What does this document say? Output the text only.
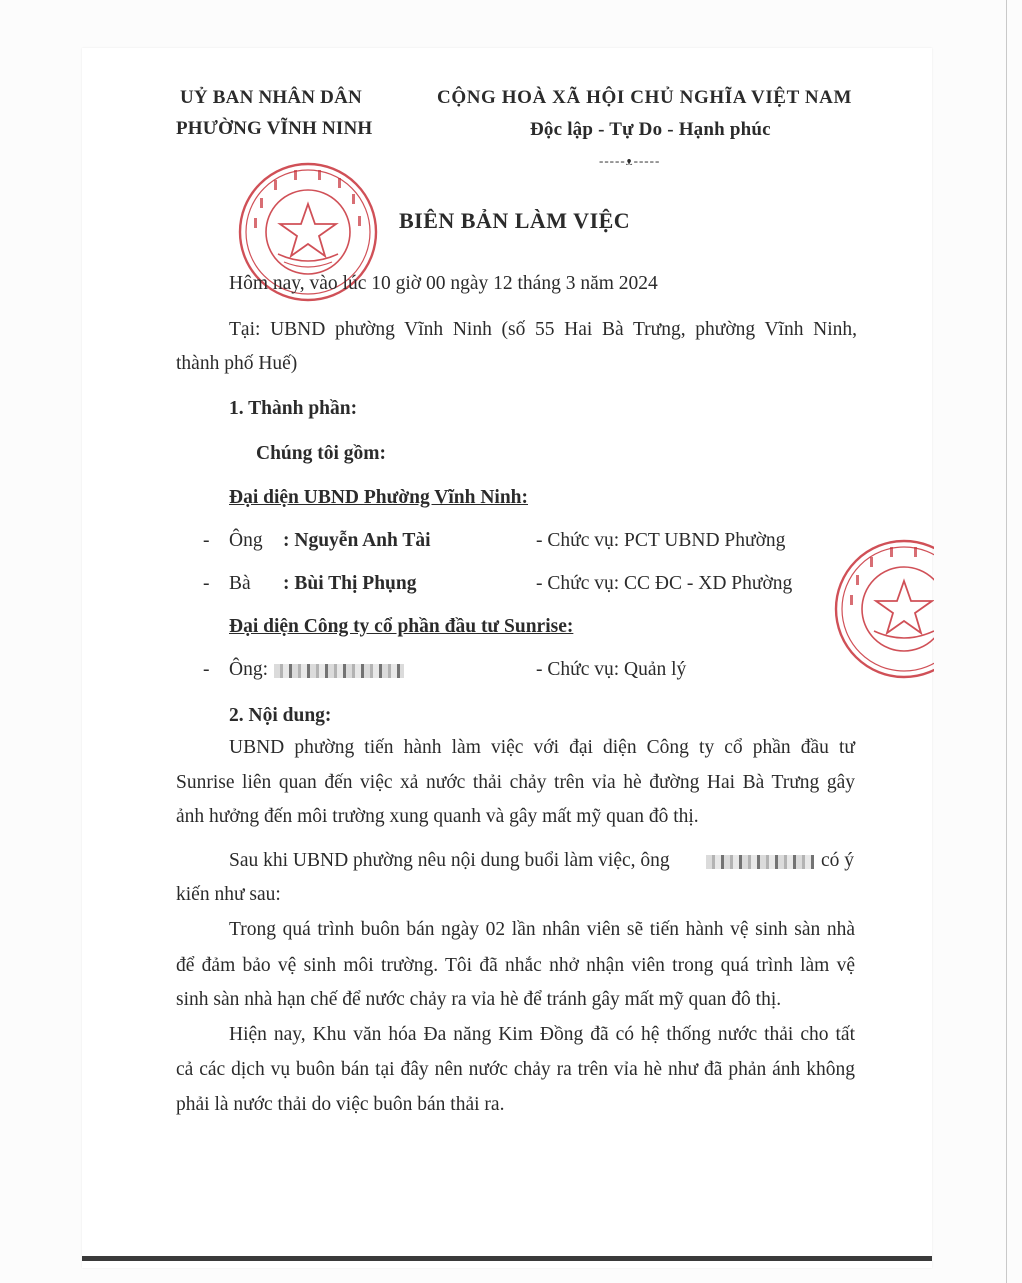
UỶ BAN NHÂN DÂN
PHƯỜNG VĨNH NINH
CỘNG HOÀ XÃ HỘI CHỦ NGHĨA VIỆT NAM
Độc lập - Tự Do - Hạnh phúc
-----ᴥ-----
BIÊN BẢN LÀM VIỆC
Hôm nay, vào lúc 10 giờ 00 ngày 12 tháng 3 năm 2024
Tại: UBND phường Vĩnh Ninh (số 55 Hai Bà Trưng, phường Vĩnh Ninh,
thành phố Huế)
1. Thành phần:
Chúng tôi gồm:
Đại diện UBND Phường Vĩnh Ninh:
- Ông : Nguyễn Anh Tài	- Chức vụ: PCT UBND Phường
- Bà : Bùi Thị Phụng	- Chức vụ: CC ĐC - XD Phường
Đại diện Công ty cổ phần đầu tư Sunrise:
- Ông:	- Chức vụ: Quản lý
2. Nội dung:
UBND phường tiến hành làm việc với đại diện Công ty cổ phần đầu tư
Sunrise liên quan đến việc xả nước thải chảy trên vỉa hè đường Hai Bà Trưng gây
ảnh hưởng đến môi trường xung quanh và gây mất mỹ quan đô thị.
Sau khi UBND phường nêu nội dung buổi làm việc, ông	có ý
kiến như sau:
Trong quá trình buôn bán ngày 02 lần nhân viên sẽ tiến hành vệ sinh sàn nhà
để đảm bảo vệ sinh môi trường. Tôi đã nhắc nhở nhận viên trong quá trình làm vệ
sinh sàn nhà hạn chế để nước chảy ra vỉa hè để tránh gây mất mỹ quan đô thị.
Hiện nay, Khu văn hóa Đa năng Kim Đồng đã có hệ thống nước thải cho tất
cả các dịch vụ buôn bán tại đây nên nước chảy ra trên vỉa hè như đã phản ánh không
phải là nước thải do việc buôn bán thải ra.
